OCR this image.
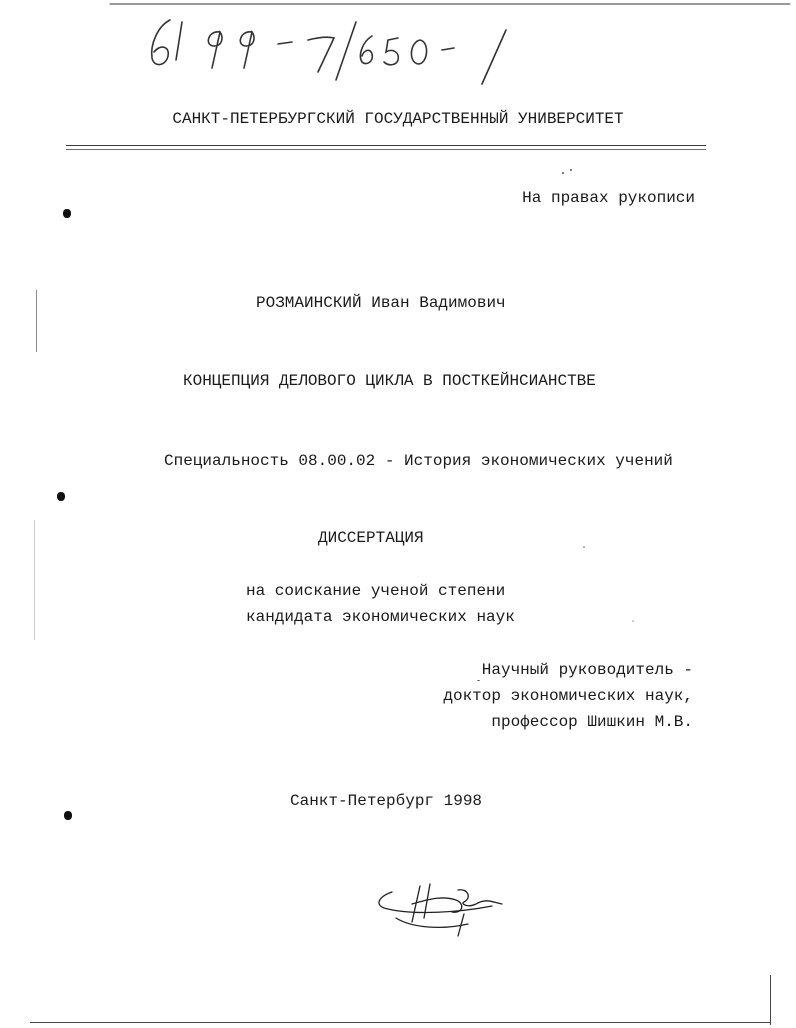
САНКТ-ПЕТЕРБУРГСКИЙ ГОСУДАРСТВЕННЫЙ УНИВЕРСИТЕТ
На правах рукописи
РОЗМАИНСКИЙ Иван Вадимович
КОНЦЕПЦИЯ ДЕЛОВОГО ЦИКЛА В ПОСТКЕЙНСИАНСТВЕ
Специальность 08.00.02 - История экономических учений
ДИССЕРТАЦИЯ
на соискание ученой степени
кандидата экономических наук
Научный руководитель -
доктор экономических наук,
профессор Шишкин М.В.
Санкт-Петербург 1998
